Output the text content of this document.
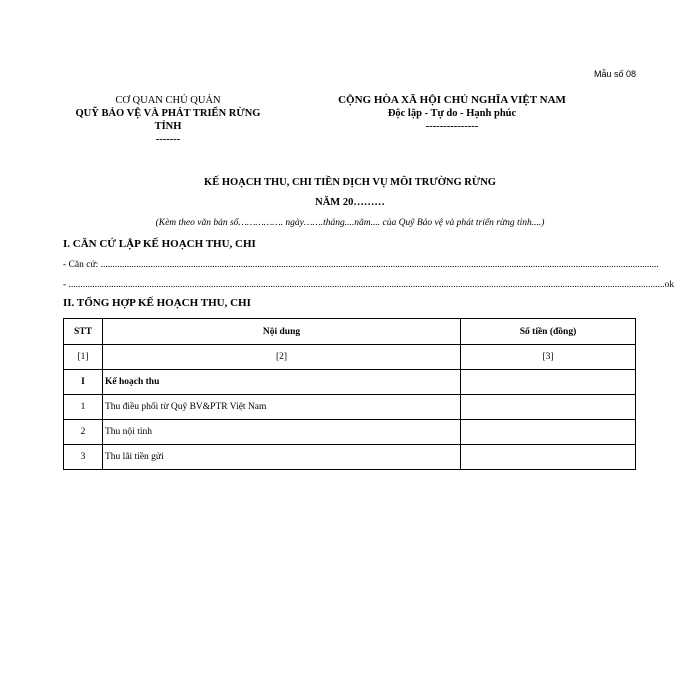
Mẫu số 08
CƠ QUAN CHỦ QUẢN
QUỸ BẢO VỆ VÀ PHÁT TRIỂN RỪNG
TỈNH
-------
CỘNG HÒA XÃ HỘI CHỦ NGHĨA VIỆT NAM
Độc lập - Tự do - Hạnh phúc
---------------
KẾ HOẠCH THU, CHI TIỀN DỊCH VỤ MÔI TRƯỜNG RỪNG
NĂM 20………
(Kèm theo văn bản số……………. ngày…….tháng....năm.... của Quỹ Bảo vệ và phát triển rừng tỉnh....)
I. CĂN CỨ LẬP KẾ HOẠCH THU, CHI
- Căn cứ: ...........................................................................................................................................................................................................................................
- ...........................................................................................................................................................................................................................................................ok
II. TỔNG HỢP KẾ HOẠCH THU, CHI
STT	Nội dung	Số tiền (đồng)
[1]	[2]	[3]
I	Kế hoạch thu	
1	Thu điều phối từ Quỹ BV&PTR Việt Nam	
2	Thu nội tỉnh	
3	Thu lãi tiền gửi	
